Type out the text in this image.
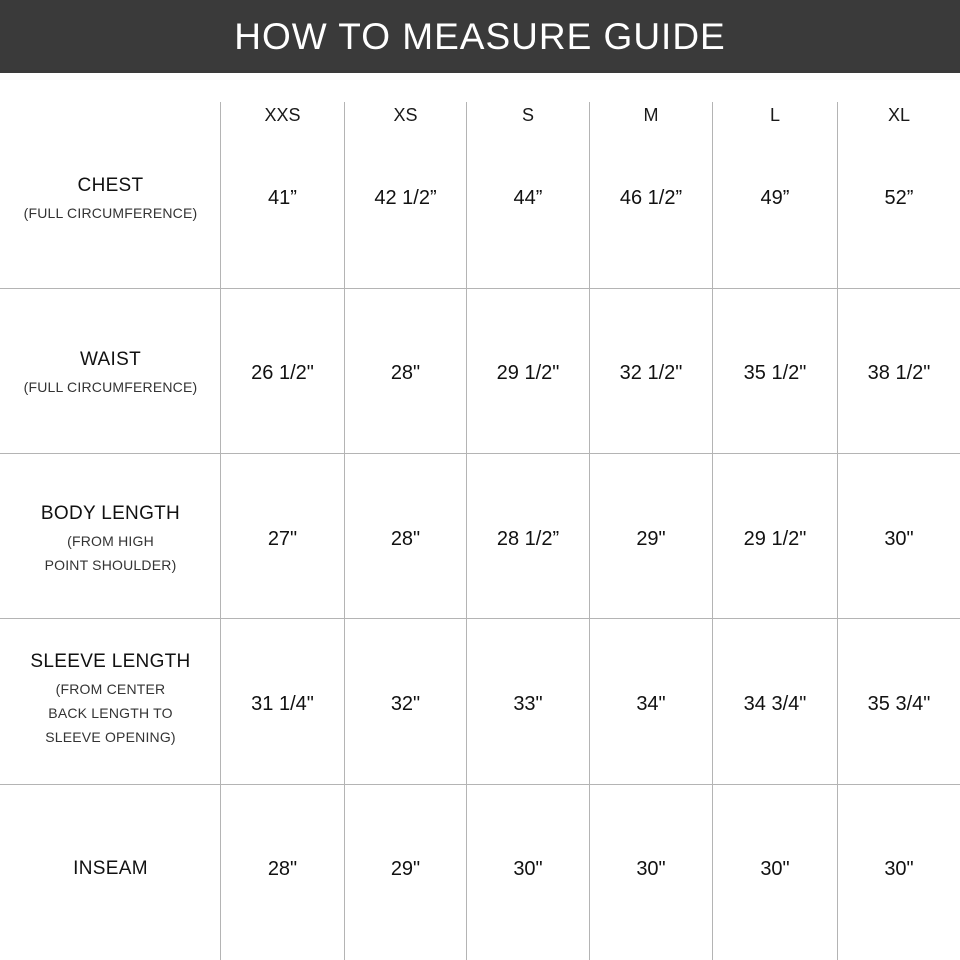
HOW TO MEASURE GUIDE
XXS	XS	S	M	L	XL
CHEST
(FULL CIRCUMFERENCE)
41”	42 1/2”	44”	46 1/2”	49”	52”
WAIST
(FULL CIRCUMFERENCE)
26 1/2"	28"	29 1/2"	32 1/2"	35 1/2"	38 1/2"
BODY LENGTH
(FROM HIGH
POINT SHOULDER)
27"	28"	28 1/2”	29"	29 1/2"	30"
SLEEVE LENGTH
(FROM CENTER
BACK LENGTH TO
SLEEVE OPENING)
31 1/4"	32"	33"	34"	34 3/4"	35 3/4"
INSEAM	28"	29"	30"	30"	30"	30"
